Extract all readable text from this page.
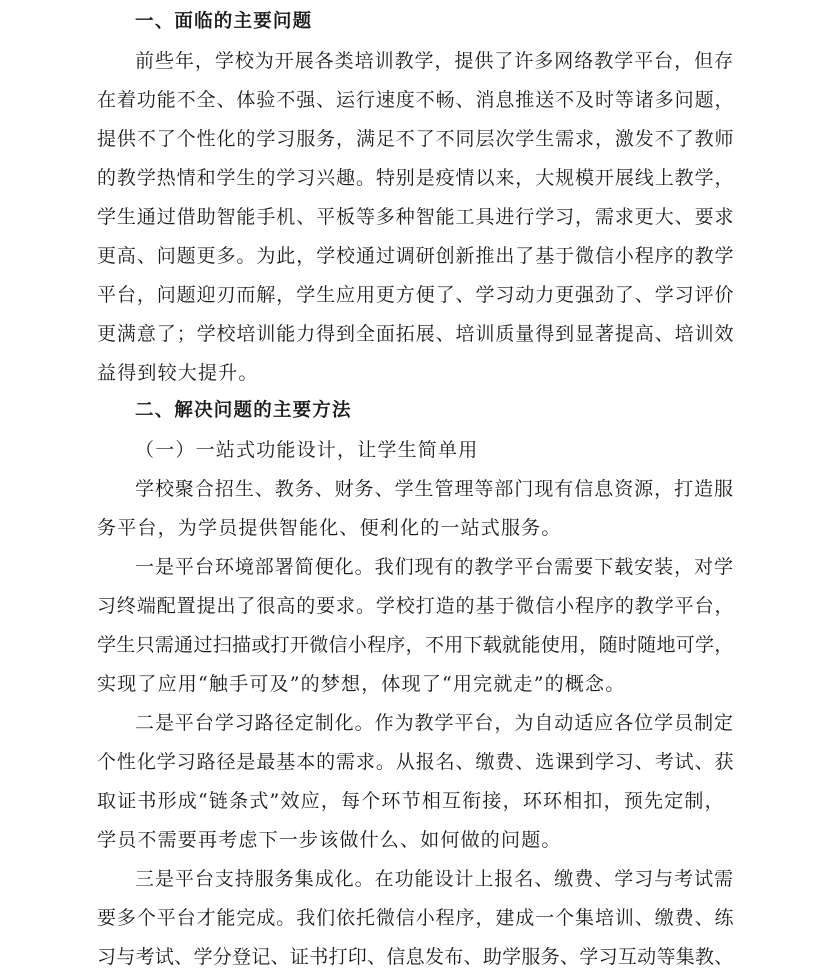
一、面临的主要问题
前些年，学校为开展各类培训教学，提供了许多网络教学平台，但存
在着功能不全、体验不强、运行速度不畅、消息推送不及时等诸多问题，
提供不了个性化的学习服务，满足不了不同层次学生需求，激发不了教师
的教学热情和学生的学习兴趣。特别是疫情以来，大规模开展线上教学，
学生通过借助智能手机、平板等多种智能工具进行学习，需求更大、要求
更高、问题更多。为此，学校通过调研创新推出了基于微信小程序的教学
平台，问题迎刃而解，学生应用更方便了、学习动力更强劲了、学习评价
更满意了；学校培训能力得到全面拓展、培训质量得到显著提高、培训效
益得到较大提升。
二、解决问题的主要方法
（一）一站式功能设计，让学生简单用
学校聚合招生、教务、财务、学生管理等部门现有信息资源，打造服
务平台，为学员提供智能化、便利化的一站式服务。
一是平台环境部署简便化。我们现有的教学平台需要下载安装，对学
习终端配置提出了很高的要求。学校打造的基于微信小程序的教学平台，
学生只需通过扫描或打开微信小程序，不用下载就能使用，随时随地可学，
实现了应用“触手可及”的梦想，体现了“用完就走”的概念。
二是平台学习路径定制化。作为教学平台，为自动适应各位学员制定
个性化学习路径是最基本的需求。从报名、缴费、选课到学习、考试、获
取证书形成“链条式”效应，每个环节相互衔接，环环相扣，预先定制，
学员不需要再考虑下一步该做什么、如何做的问题。
三是平台支持服务集成化。在功能设计上报名、缴费、学习与考试需
要多个平台才能完成。我们依托微信小程序，建成一个集培训、缴费、练
习与考试、学分登记、证书打印、信息发布、助学服务、学习互动等集教、
